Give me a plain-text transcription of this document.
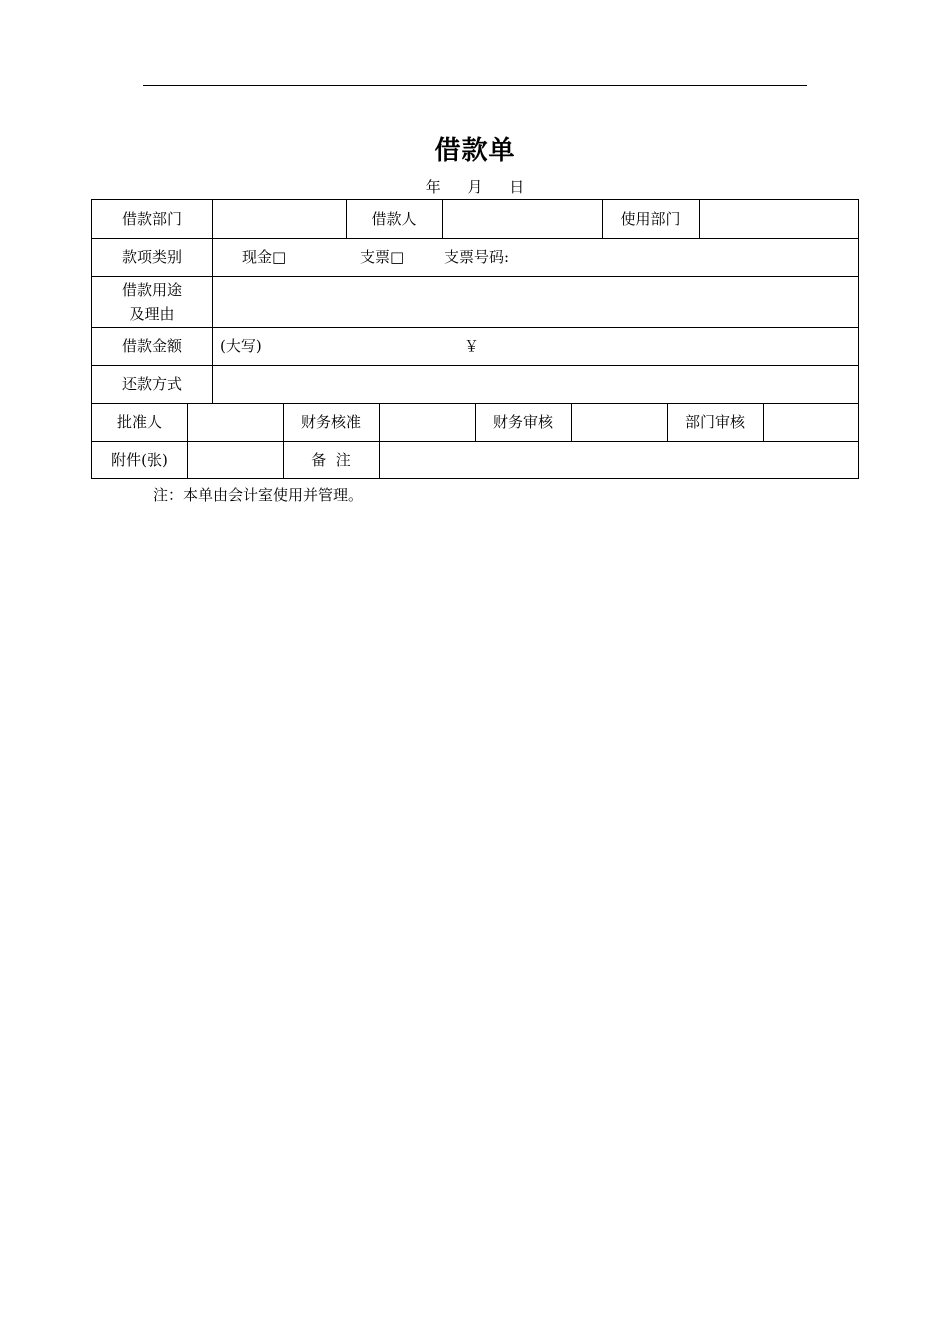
借款单
年 月 日
借款部门	借款人	使用部门
款项类别	现金□	支票□	支票号码:
借款用途
及理由
借款金额	(大写)	￥
还款方式
批准人	财务核准	财务审核	部门审核
附件(张)	备  注
注：本单由会计室使用并管理。
